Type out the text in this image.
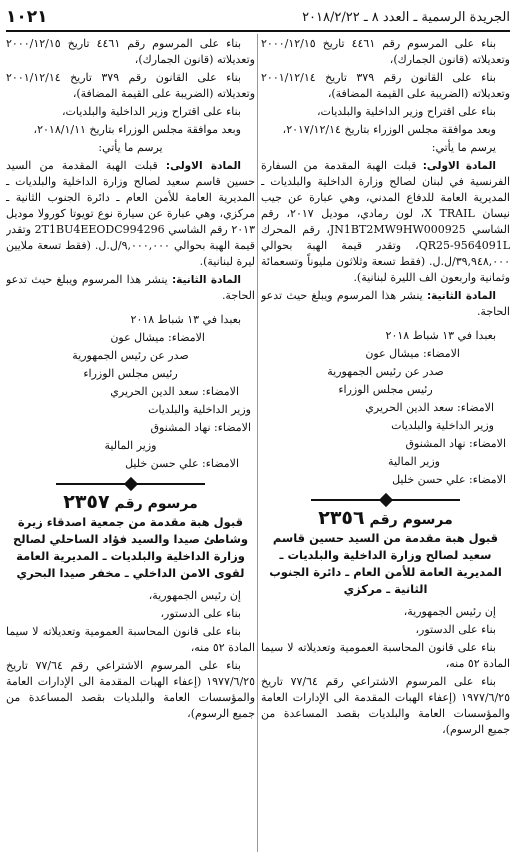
١٠٢١	الجريدة الرسمية ـ العدد ٨ ـ ٢٠١٨/٢/٢٢

بناء على المرسوم رقم ٤٤٦١ تاريخ ٢٠٠٠/١٢/١٥ وتعديلاته (قانون الجمارك)،

بناء على القانون رقم ٣٧٩ تاريخ ٢٠٠١/١٢/١٤ وتعديلاته (الضريبة على القيمة المضافة)،

بناء على اقتراح وزير الداخلية والبلديات،

وبعد موافقة مجلس الوزراء بتاريخ ٢٠١٧/١٢/١٤،

يرسم ما يأتي:

المادة الاولى: قبلت الهبة المقدمة من السفارة الفرنسية في لبنان لصالح وزارة الداخلية والبلديات ـ المديرية العامة للدفاع المدني، وهي عبارة عن جيب نيسان X TRAIL، لون رمادي، موديل ٢٠١٧، رقم الشاسي JN1BT2MW9HW000925، رقم المحرك QR25-9564091L، وتقدر قيمة الهبة بحوالي ٣٩,٩٤٨,٠٠٠/ل.ل. (فقط تسعة وثلاثون مليوناً وتسعمائة وثمانية واربعون الف الليرة لبنانية).

المادة الثانية: ينشر هذا المرسوم ويبلغ حيث تدعو الحاجة.

بعبدا في ١٣ شباط ٢٠١٨

الامضاء: ميشال عون

صدر عن رئيس الجمهورية

رئيس مجلس الوزراء

الامضاء: سعد الدين الحريري

وزير الداخلية والبلديات

الامضاء: نهاد المشنوق

وزير المالية

الامضاء: علي حسن خليل

مرسوم رقم ٢٣٥٦
قبول هبة مقدمة من السيد حسين قاسم سعيد لصالح وزارة الداخلية والبلديات ـ المديرية العامة للأمن العام ـ دائرة الجنوب الثانية ـ مركزي

إن رئيس الجمهورية،

بناء على الدستور،

بناء على قانون المحاسبة العمومية وتعديلاته لا سيما المادة ٥٢ منه،

بناء على المرسوم الاشتراعي رقم ٧٧/٦٤ تاريخ ١٩٧٧/٦/٢٥ (إعفاء الهبات المقدمة الى الإدارات العامة والمؤسسات العامة والبلديات بقصد المساعدة من جميع الرسوم)،

بناء على المرسوم رقم ٤٤٦١ تاريخ ٢٠٠٠/١٢/١٥ وتعديلاته (قانون الجمارك)،

بناء على القانون رقم ٣٧٩ تاريخ ٢٠٠١/١٢/١٤ وتعديلاته (الضريبة على القيمة المضافة)،

بناء على اقتراح وزير الداخلية والبلديات،

وبعد موافقة مجلس الوزراء بتاريخ ٢٠١٨/١/١١،

يرسم ما يأتي:

المادة الاولى: قبلت الهبة المقدمة من السيد حسين قاسم سعيد لصالح وزارة الداخلية والبلديات ـ المديرية العامة للأمن العام ـ دائرة الجنوب الثانية ـ مركزي، وهي عبارة عن سيارة نوع تويوتا كورولا موديل ٢٠١٣ رقم الشاسي 2T1BU4EEODC994296 وتقدر قيمة الهبة بحوالي ٩,٠٠٠,٠٠٠/ل.ل. (فقط تسعة ملايين ليرة لبنانية).

المادة الثانية: ينشر هذا المرسوم ويبلغ حيث تدعو الحاجة.

بعبدا في ١٣ شباط ٢٠١٨

الامضاء: ميشال عون

صدر عن رئيس الجمهورية

رئيس مجلس الوزراء

الامضاء: سعد الدين الحريري

وزير الداخلية والبلديات

الامضاء: نهاد المشنوق

وزير المالية

الامضاء: علي حسن خليل

مرسوم رقم ٢٣٥٧
قبول هبة مقدمة من جمعية اصدقاء زيرة وشاطئ صيدا والسيد فؤاد الساحلي لصالح وزارة الداخلية والبلديات ـ المديرية العامة لقوى الامن الداخلي ـ مخفر صيدا البحري

إن رئيس الجمهورية،

بناء على الدستور،

بناء على قانون المحاسبة العمومية وتعديلاته لا سيما المادة ٥٢ منه،

بناء على المرسوم الاشتراعي رقم ٧٧/٦٤ تاريخ ١٩٧٧/٦/٢٥ (إعفاء الهبات المقدمة الى الإدارات العامة والمؤسسات العامة والبلديات بقصد المساعدة من جميع الرسوم)،
